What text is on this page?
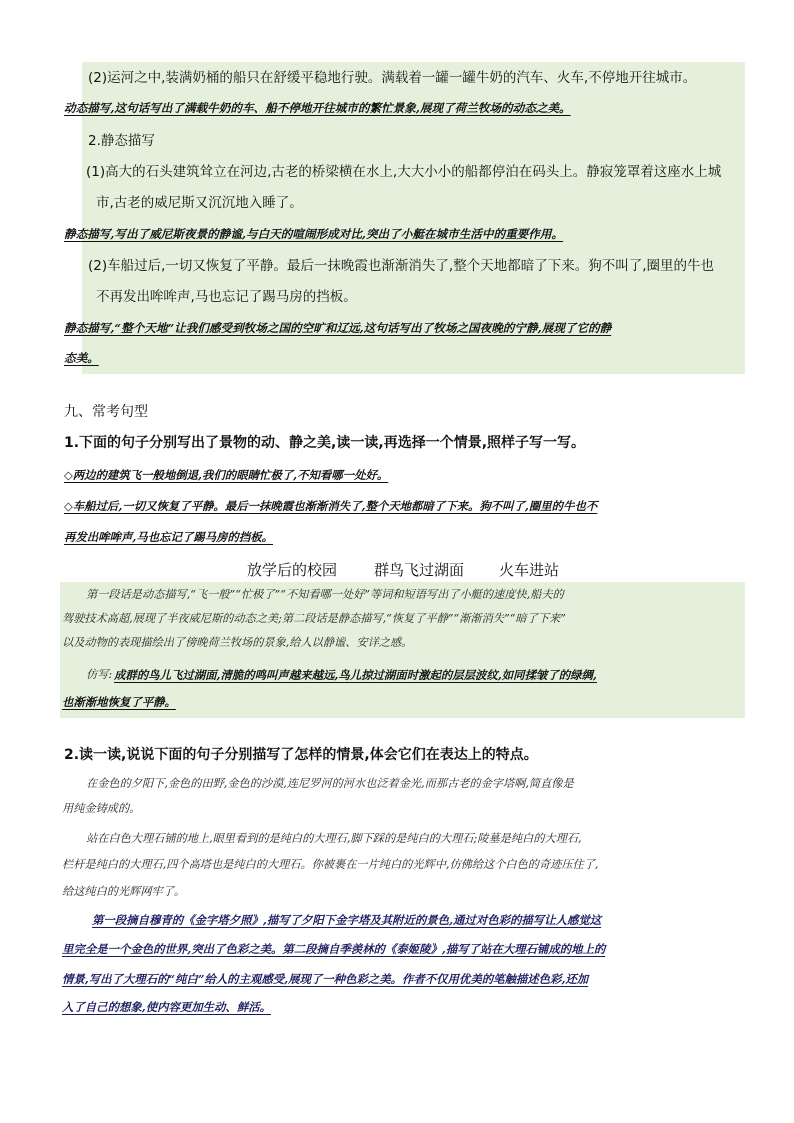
(2)运河之中,装满奶桶的船只在舒缓平稳地行驶。满载着一罐一罐牛奶的汽车、火车,不停地开往城市。
动态描写,这句话写出了满载牛奶的车、船不停地开往城市的繁忙景象,展现了荷兰牧场的动态之美。
2.静态描写
(1)高大的石头建筑耸立在河边,古老的桥梁横在水上,大大小小的船都停泊在码头上。静寂笼罩着这座水上城
市,古老的威尼斯又沉沉地入睡了。
静态描写,写出了威尼斯夜景的静谧,与白天的喧闹形成对比,突出了小艇在城市生活中的重要作用。
(2)车船过后,一切又恢复了平静。最后一抹晚霞也渐渐消失了,整个天地都暗了下来。狗不叫了,圈里的牛也
不再发出哞哞声,马也忘记了踢马房的挡板。
静态描写,“整个天地”让我们感受到牧场之国的空旷和辽远,这句话写出了牧场之国夜晚的宁静,展现了它的静
态美。
九、常考句型
1.下面的句子分别写出了景物的动、静之美,读一读,再选择一个情景,照样子写一写。
◇两边的建筑飞一般地倒退,我们的眼睛忙极了,不知看哪一处好。
◇车船过后,一切又恢复了平静。最后一抹晚霞也渐渐消失了,整个天地都暗了下来。狗不叫了,圈里的牛也不
再发出哞哞声,马也忘记了踢马房的挡板。
放学后的校园 群鸟飞过湖面 火车进站
第一段话是动态描写,“飞一般”“忙极了”“不知看哪一处好”等词和短语写出了小艇的速度快,船夫的
驾驶技术高超,展现了半夜威尼斯的动态之美;第二段话是静态描写,“恢复了平静”“渐渐消失”“暗了下来”
以及动物的表现描绘出了傍晚荷兰牧场的景象,给人以静谧、安详之感。
仿写: 成群的鸟儿飞过湖面,清脆的鸣叫声越来越远,鸟儿掠过湖面时激起的层层波纹,如同揉皱了的绿绸,
也渐渐地恢复了平静。
2.读一读,说说下面的句子分别描写了怎样的情景,体会它们在表达上的特点。
在金色的夕阳下,金色的田野,金色的沙漠,连尼罗河的河水也泛着金光,而那古老的金字塔啊,简直像是
用纯金铸成的。
站在白色大理石铺的地上,眼里看到的是纯白的大理石,脚下踩的是纯白的大理石;陵墓是纯白的大理石,
栏杆是纯白的大理石,四个高塔也是纯白的大理石。你被裹在一片纯白的光辉中,仿佛给这个白色的奇迹压住了,
给这纯白的光辉网牢了。
第一段摘自穆青的《金字塔夕照》,描写了夕阳下金字塔及其附近的景色,通过对色彩的描写让人感觉这
里完全是一个金色的世界,突出了色彩之美。第二段摘自季羡林的《泰姬陵》,描写了站在大理石铺成的地上的
情景,写出了大理石的“纯白”给人的主观感受,展现了一种色彩之美。作者不仅用优美的笔触描述色彩,还加
入了自己的想象,使内容更加生动、鲜活。
